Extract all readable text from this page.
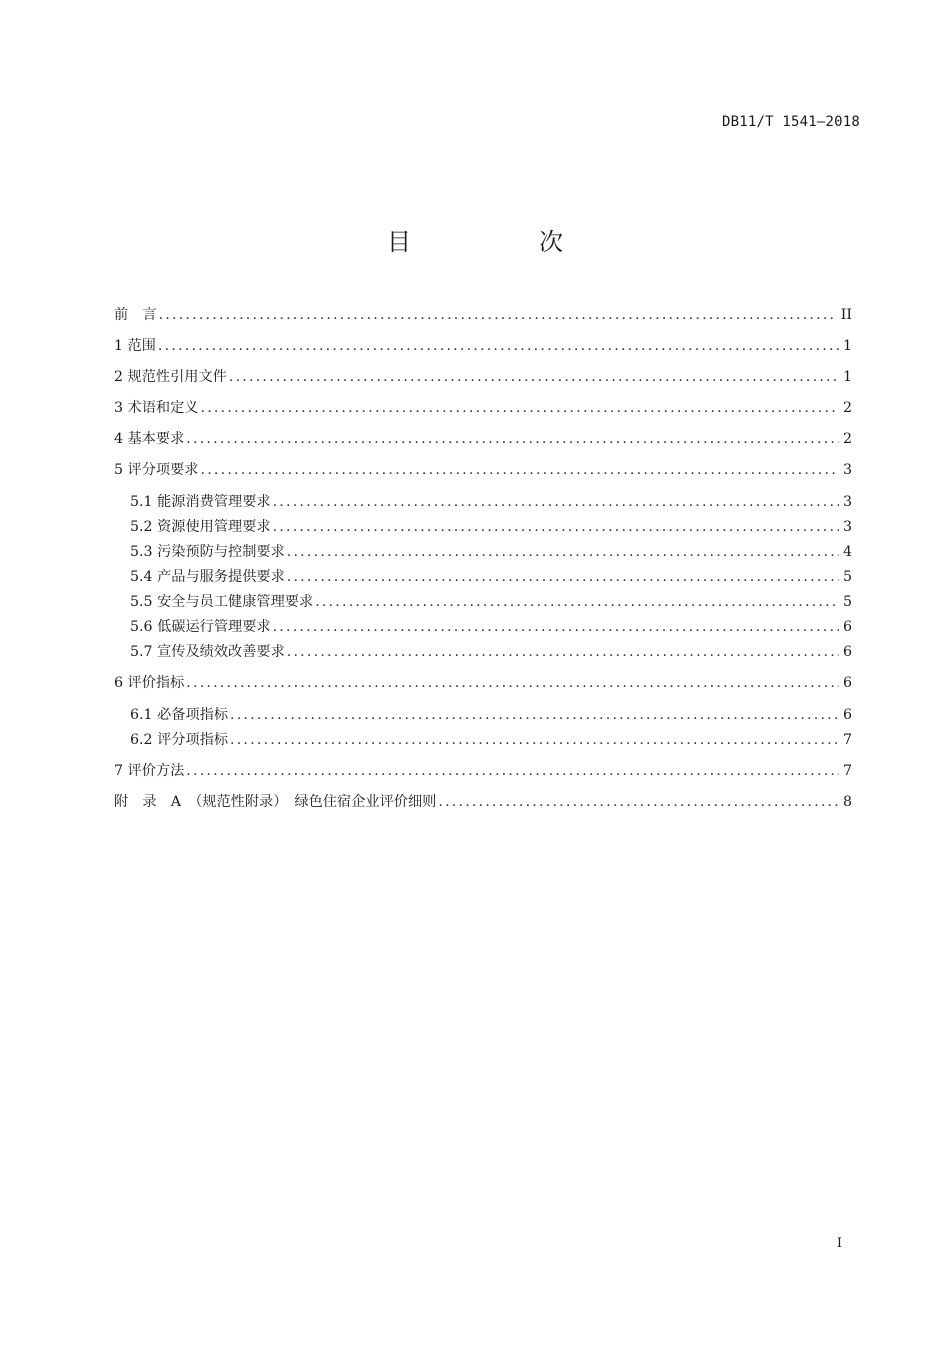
DB11/T 1541—2018
目　次
前　言 .....	II
1 范围 .....	1
2 规范性引用文件 .....	1
3 术语和定义 .....	2
4 基本要求 .....	2
5 评分项要求 .....	3
5.1 能源消费管理要求 .....	3
5.2 资源使用管理要求 .....	3
5.3 污染预防与控制要求 .....	4
5.4 产品与服务提供要求 .....	5
5.5 安全与员工健康管理要求 .....	5
5.6 低碳运行管理要求 .....	6
5.7 宣传及绩效改善要求 .....	6
6 评价指标 .....	6
6.1 必备项指标 .....	6
6.2 评分项指标 .....	7
7 评价方法 .....	7
附　录　A　（规范性附录）　绿色住宿企业评价细则 .....	8
I
